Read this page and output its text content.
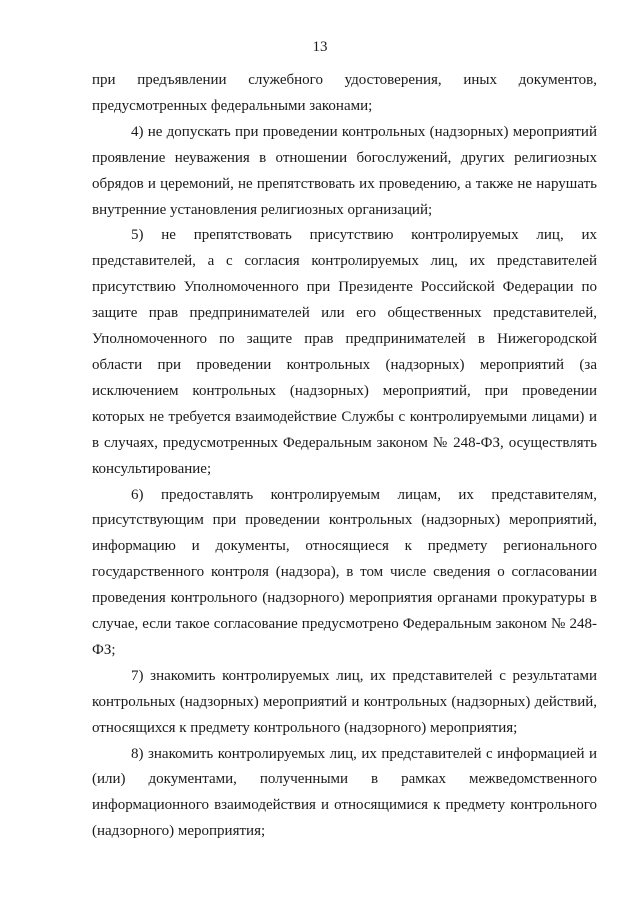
13

при предъявлении служебного удостоверения, иных документов, предусмотренных федеральными законами;

4) не допускать при проведении контрольных (надзорных) мероприятий проявление неуважения в отношении богослужений, других религиозных обрядов и церемоний, не препятствовать их проведению, а также не нарушать внутренние установления религиозных организаций;

5) не препятствовать присутствию контролируемых лиц, их представителей, а с согласия контролируемых лиц, их представителей присутствию Уполномоченного при Президенте Российской Федерации по защите прав предпринимателей или его общественных представителей, Уполномоченного по защите прав предпринимателей в Нижегородской области при проведении контрольных (надзорных) мероприятий (за исключением контрольных (надзорных) мероприятий, при проведении которых не требуется взаимодействие Службы с контролируемыми лицами) и в случаях, предусмотренных Федеральным законом № 248-ФЗ, осуществлять консультирование;

6) предоставлять контролируемым лицам, их представителям, присутствующим при проведении контрольных (надзорных) мероприятий, информацию и документы, относящиеся к предмету регионального государственного контроля (надзора), в том числе сведения о согласовании проведения контрольного (надзорного) мероприятия органами прокуратуры в случае, если такое согласование предусмотрено Федеральным законом № 248-ФЗ;

7) знакомить контролируемых лиц, их представителей с результатами контрольных (надзорных) мероприятий и контрольных (надзорных) действий, относящихся к предмету контрольного (надзорного) мероприятия;

8) знакомить контролируемых лиц, их представителей с информацией и (или) документами, полученными в рамках межведомственного информационного взаимодействия и относящимися к предмету контрольного (надзорного) мероприятия;
